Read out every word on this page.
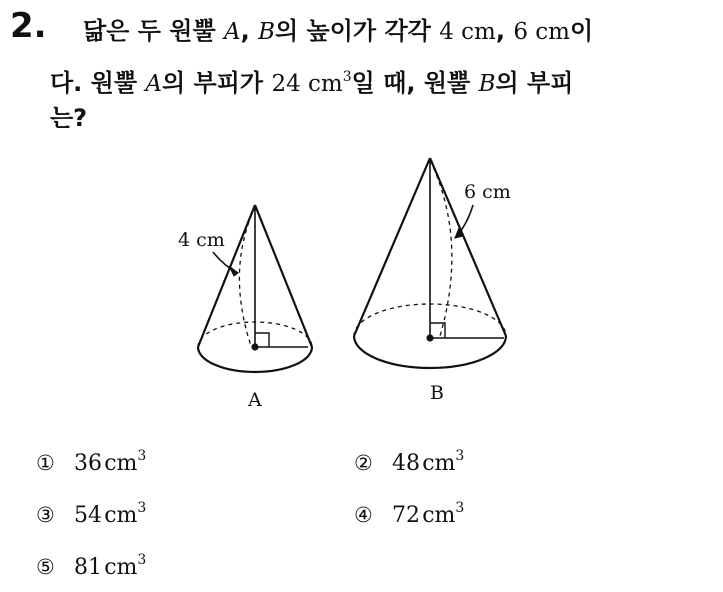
2. 닮은 두 원뿔 A, B의 높이가 각각 4 cm, 6 cm이
다. 원뿔 A의 부피가 24 $cm^3$일 때, 원뿔 B의 부피
는?
4 cm
A
6 cm
B
① 36  $cm^3$	② 48  $cm^3$
③ 54  $cm^3$	④ 72  $cm^3$
⑤ 81  $cm^3$
